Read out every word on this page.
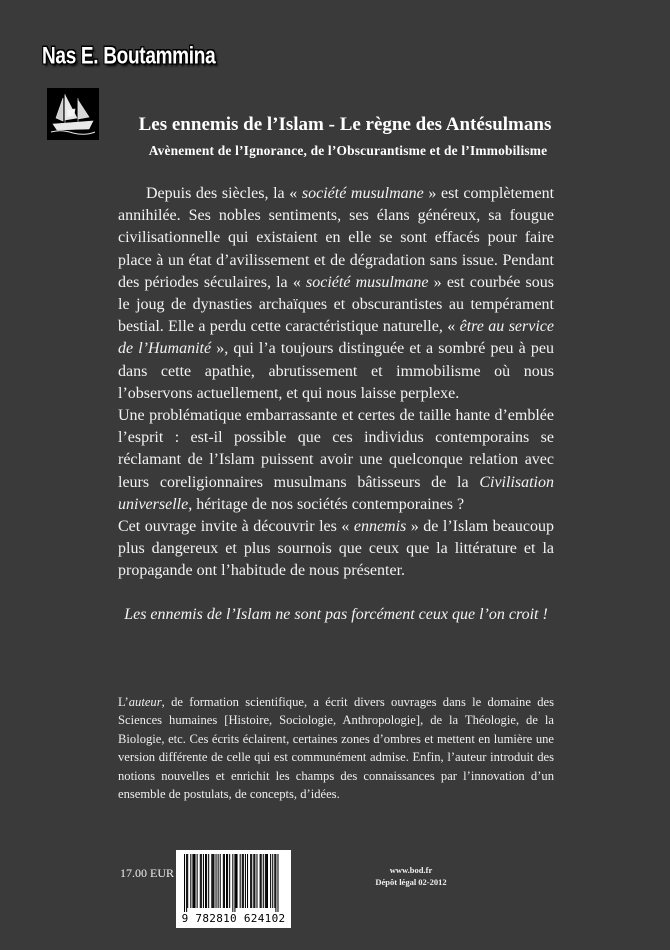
Nas E. Boutammina
Les ennemis de l’Islam - Le règne des Antésulmans
Avènement de l’Ignorance, de l’Obscurantisme et de l’Immobilisme

Depuis des siècles, la « société musulmane » est complètement annihilée. Ses nobles sentiments, ses élans généreux, sa fougue civilisationnelle qui existaient en elle se sont effacés pour faire place à un état d’avilissement et de dégradation sans issue. Pendant des périodes séculaires, la « société musulmane » est courbée sous le joug de dynasties archaïques et obscurantistes au tempérament bestial. Elle a perdu cette caractéristique naturelle, « être au service de l’Humanité », qui l’a toujours distinguée et a sombré peu à peu dans cette apathie, abrutissement et immobilisme où nous l’observons actuellement, et qui nous laisse perplexe.

Une problématique embarrassante et certes de taille hante d’emblée l’esprit : est-il possible que ces individus contemporains se réclamant de l’Islam puissent avoir une quelconque relation avec leurs coreligionnaires musulmans bâtisseurs de la Civilisation universelle, héritage de nos sociétés contemporaines ?

Cet ouvrage invite à découvrir les « ennemis » de l’Islam beaucoup plus dangereux et plus sournois que ceux que la littérature et la propagande ont l’habitude de nous présenter.

Les ennemis de l’Islam ne sont pas forcément ceux que l’on croit !
L’auteur, de formation scientifique, a écrit divers ouvrages dans le domaine des Sciences humaines [Histoire, Sociologie, Anthropologie], de la Théologie, de la Biologie, etc. Ces écrits éclairent, certaines zones d’ombres et mettent en lumière une version différente de celle qui est communément admise. Enfin, l’auteur introduit des notions nouvelles et enrichit les champs des connaissances par l’innovation d’un ensemble de postulats, de concepts, d’idées.
17.00 EUR
9 782810 624102
www.bod.fr
Dépôt légal 02-2012
